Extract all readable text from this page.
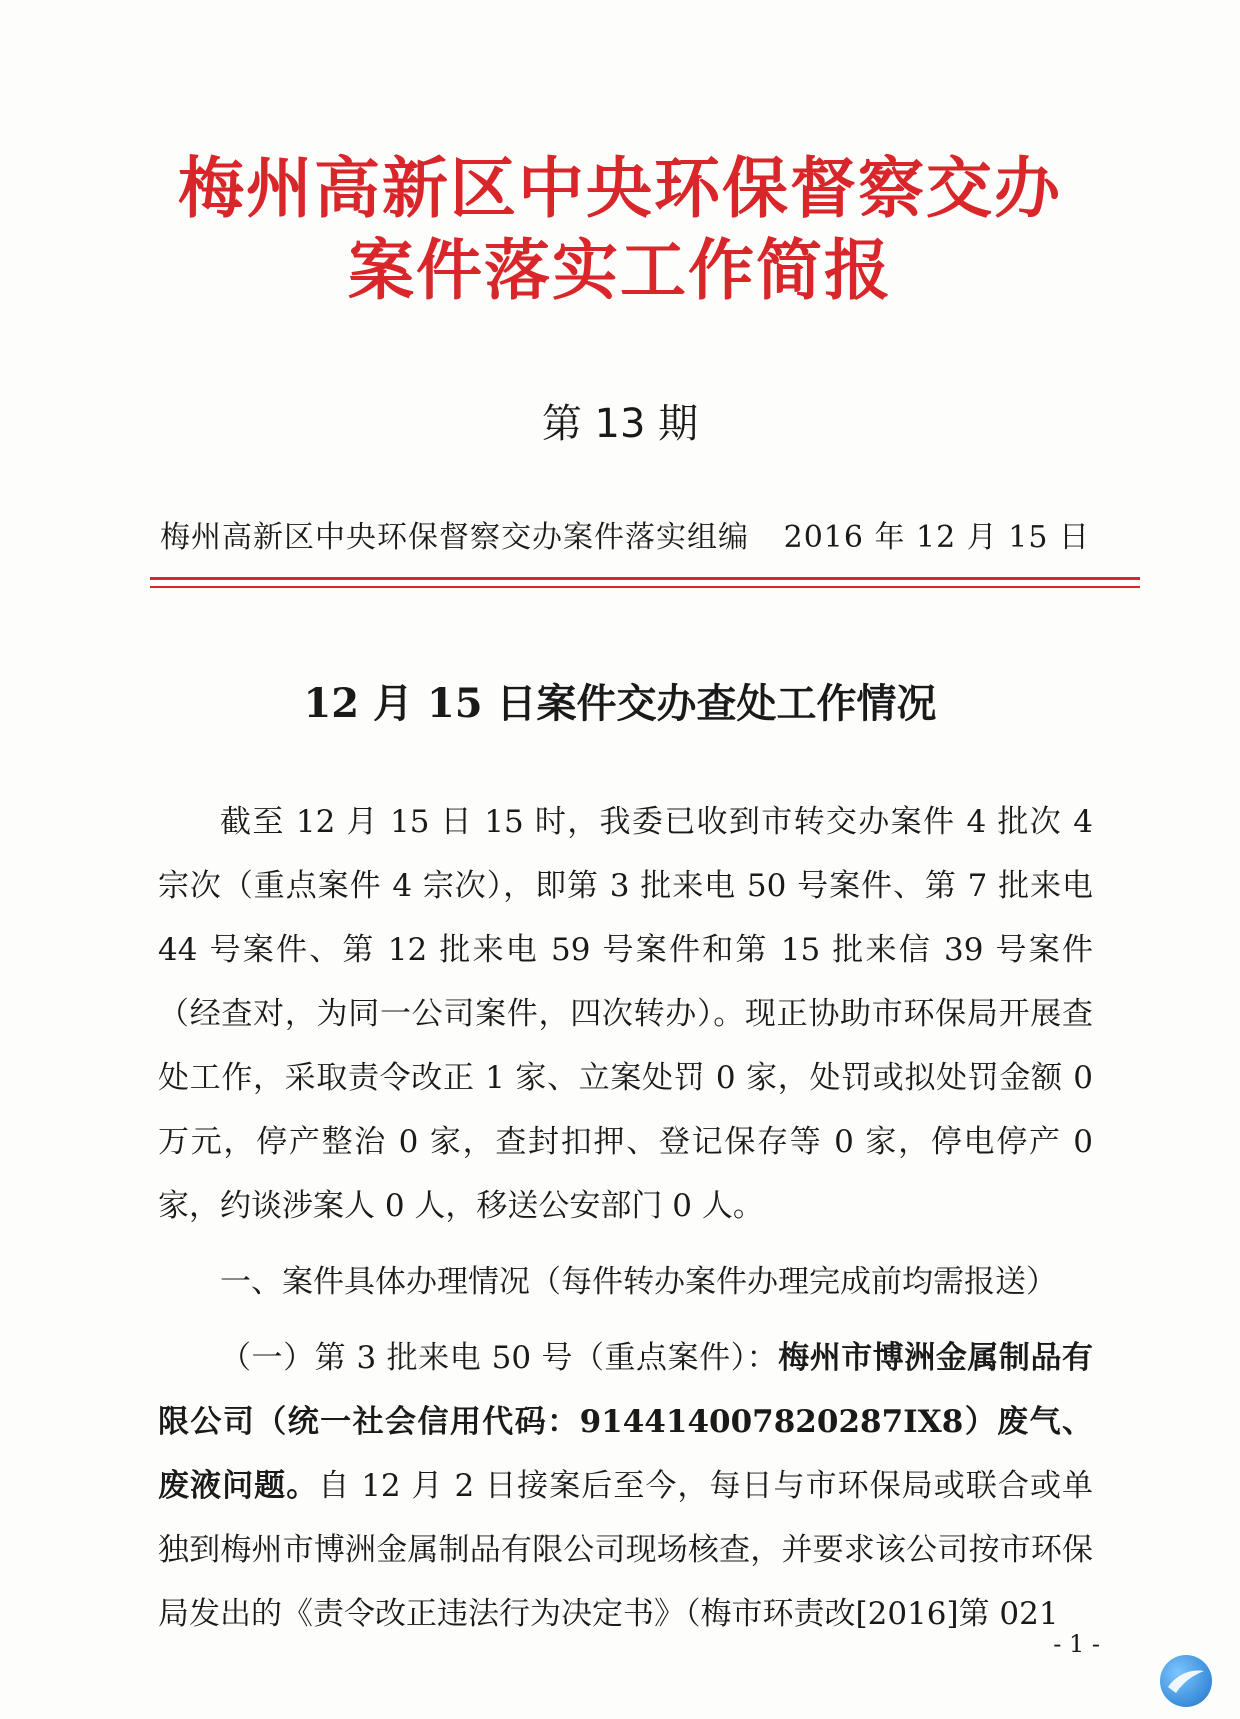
梅州高新区中央环保督察交办
案件落实工作简报
第 13 期
梅州高新区中央环保督察交办案件落实组编 2016 年 12 月 15 日
12 月 15 日案件交办查处工作情况

截至 12 月 15 日 15 时，我委已收到市转交办案件 4 批次 4 宗次（重点案件 4 宗次），即第 3 批来电 50 号案件、第 7 批来电 44 号案件、第 12 批来电 59 号案件和第 15 批来信 39 号案件（经查对，为同一公司案件，四次转办）。现正协助市环保局开展查处工作，采取责令改正 1 家、立案处罚 0 家，处罚或拟处罚金额 0 万元，停产整治 0 家，查封扣押、登记保存等 0 家，停电停产 0 家，约谈涉案人 0 人，移送公安部门 0 人。

一、案件具体办理情况（每件转办案件办理完成前均需报送）

（一）第 3 批来电 50 号（重点案件）：梅州市博洲金属制品有限公司（统一社会信用代码：914414007820287IX8）废气、废液问题。自 12 月 2 日接案后至今，每日与市环保局或联合或单独到梅州市博洲金属制品有限公司现场核查，并要求该公司按市环保局发出的《责令改正违法行为决定书》（梅市环责改[2016]第 021

- 1 -
